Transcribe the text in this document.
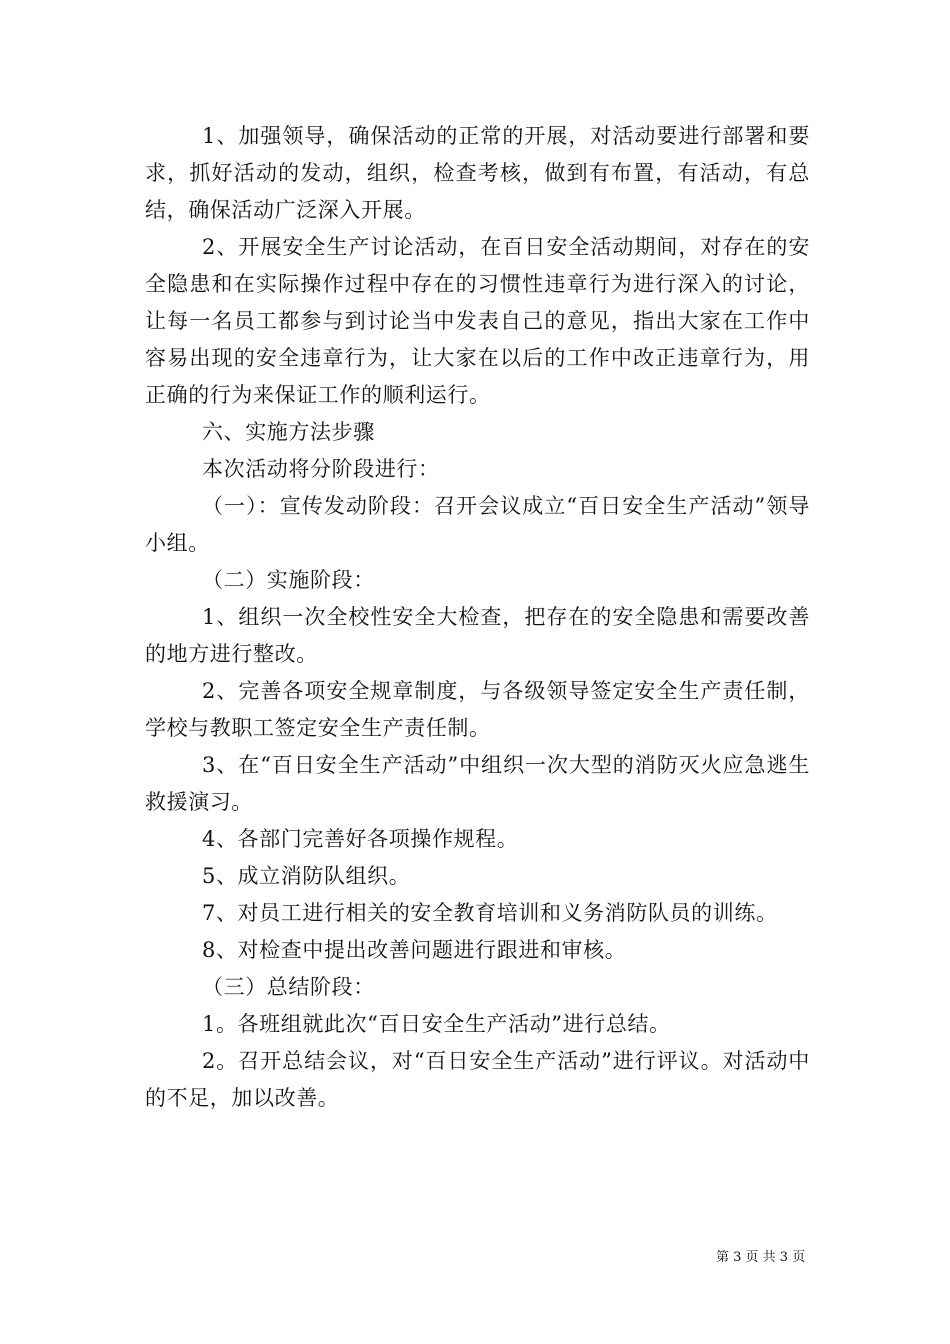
1、加强领导，确保活动的正常的开展，对活动要进行部署和要求，抓好活动的发动，组织，检查考核，做到有布置，有活动，有总结，确保活动广泛深入开展。

2、开展安全生产讨论活动，在百日安全活动期间，对存在的安全隐患和在实际操作过程中存在的习惯性违章行为进行深入的讨论，让每一名员工都参与到讨论当中发表自己的意见，指出大家在工作中容易出现的安全违章行为，让大家在以后的工作中改正违章行为，用正确的行为来保证工作的顺利运行。

六、实施方法步骤

本次活动将分阶段进行：

（一）：宣传发动阶段：召开会议成立“百日安全生产活动”领导小组。

（二）实施阶段：

1、组织一次全校性安全大检查，把存在的安全隐患和需要改善的地方进行整改。

2、完善各项安全规章制度，与各级领导签定安全生产责任制，学校与教职工签定安全生产责任制。

3、在“百日安全生产活动”中组织一次大型的消防灭火应急逃生救援演习。

4、各部门完善好各项操作规程。

5、成立消防队组织。

7、对员工进行相关的安全教育培训和义务消防队员的训练。

8、对检查中提出改善问题进行跟进和审核。

（三）总结阶段：

1。各班组就此次“百日安全生产活动”进行总结。

2。召开总结会议，对“百日安全生产活动”进行评议。对活动中的不足，加以改善。

第 3 页 共 3 页
